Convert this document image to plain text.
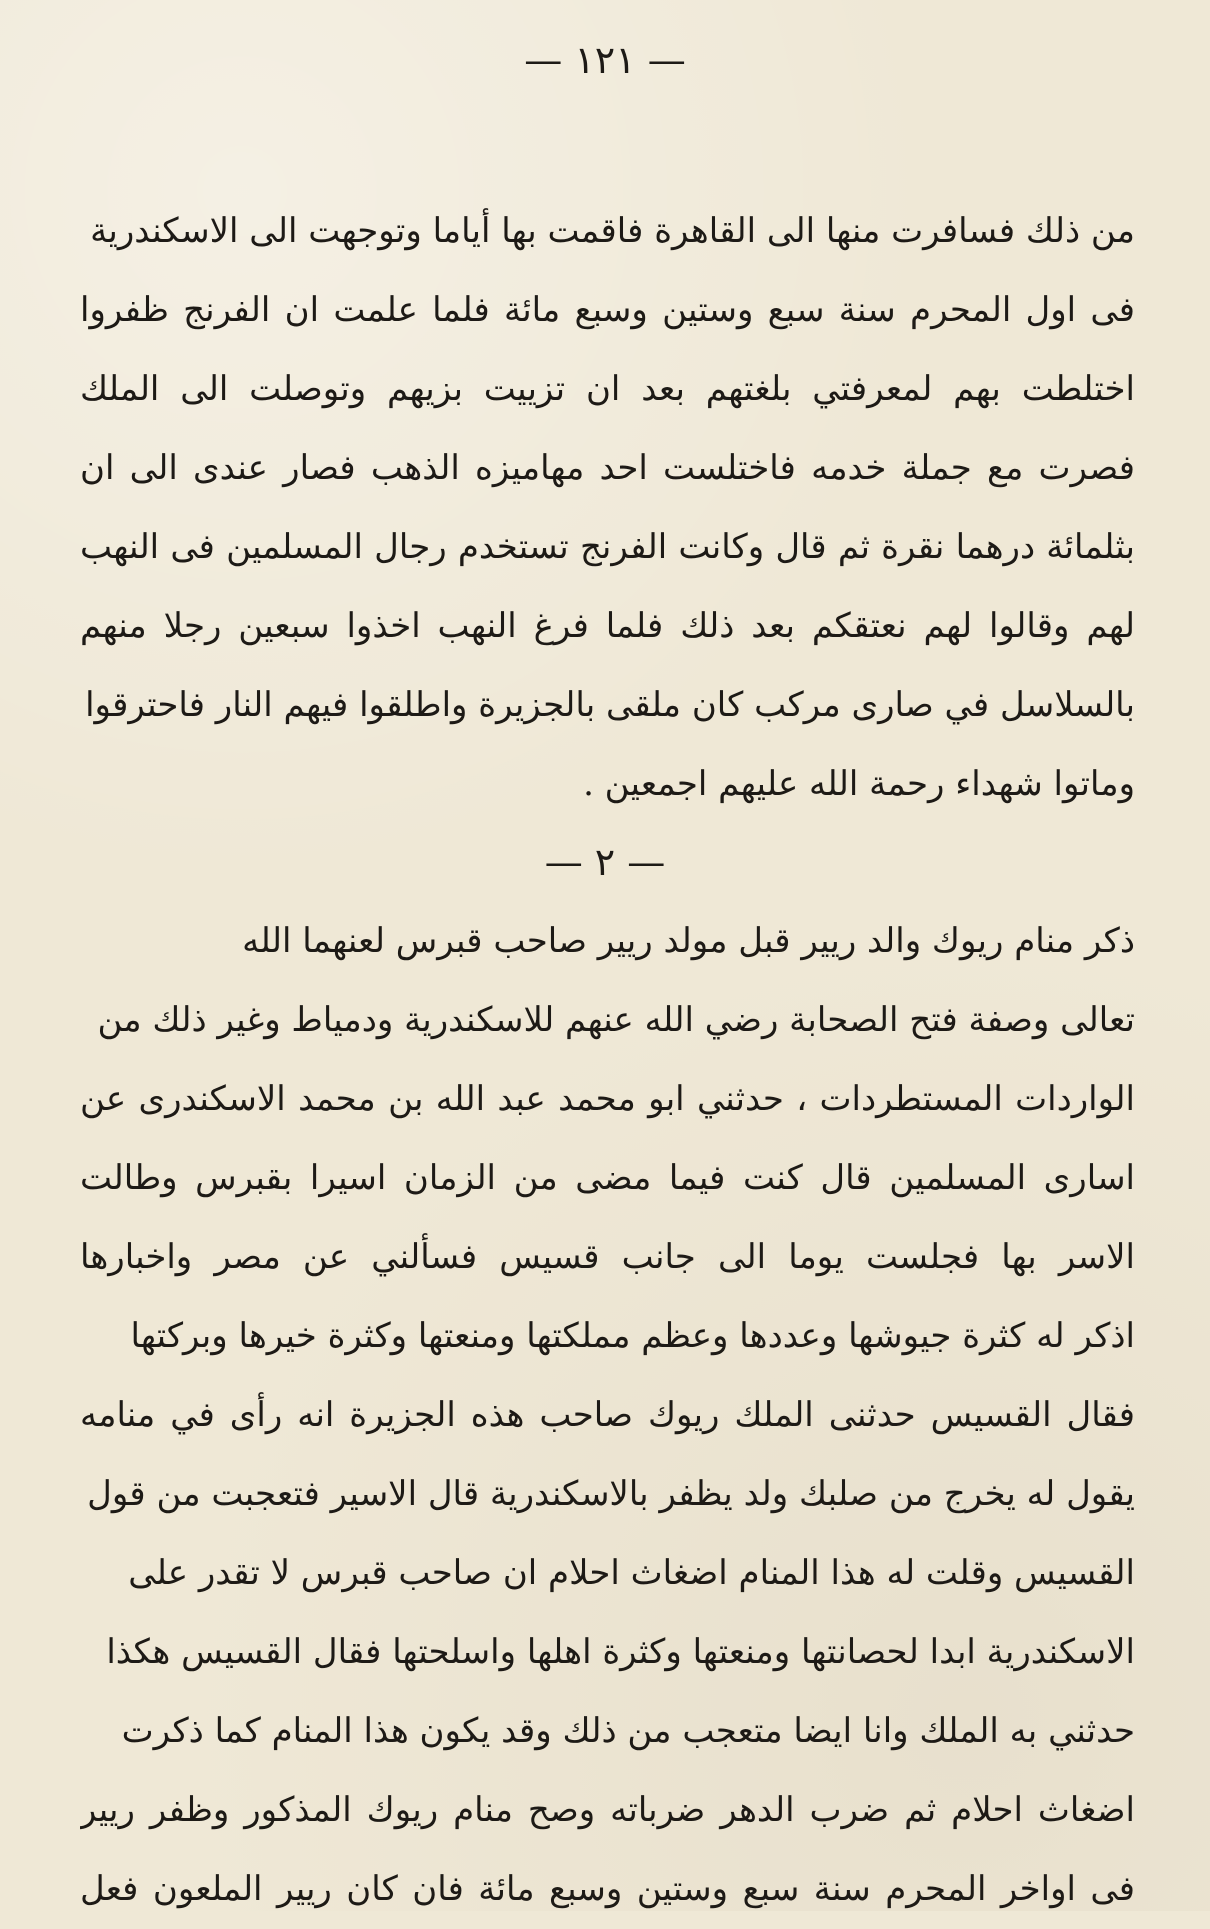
— ١٢١ —
من ذلك فسافرت منها الى القاهرة فاقمت بها أياما وتوجهت الى الاسكندرية
فى اول المحرم سنة سبع وستين وسبع مائة فلما علمت ان الفرنج ظفروا
اختلطت بهم لمعرفتي بلغتهم بعد ان تزييت بزيهم وتوصلت الى الملك
فصرت مع جملة خدمه فاختلست احد مهاميزه الذهب فصار عندى الى ان
بثلمائة درهما نقرة ثم قال وكانت الفرنج تستخدم رجال المسلمين فى النهب
لهم وقالوا لهم نعتقكم بعد ذلك فلما فرغ النهب اخذوا سبعين رجلا منهم
بالسلاسل في صارى مركب كان ملقى بالجزيرة واطلقوا فيهم النار فاحترقوا
وماتوا شهداء رحمة الله عليهم اجمعين .
— ٢ —
ذكر منام ريوك والد ريير قبل مولد ريير صاحب قبرس لعنهما الله
تعالى وصفة فتح الصحابة رضي الله عنهم للاسكندرية ودمياط وغير ذلك من
الواردات المستطردات ، حدثني ابو محمد عبد الله بن محمد الاسكندرى عن
اسارى المسلمين قال كنت فيما مضى من الزمان اسيرا بقبرس وطالت
الاسر بها فجلست يوما الى جانب قسيس فسألني عن مصر واخبارها
اذكر له كثرة جيوشها وعددها وعظم مملكتها ومنعتها وكثرة خيرها وبركتها
فقال القسيس حدثنى الملك ريوك صاحب هذه الجزيرة انه رأى في منامه
يقول له يخرج من صلبك ولد يظفر بالاسكندرية قال الاسير فتعجبت من قول
القسيس وقلت له هذا المنام اضغاث احلام ان صاحب قبرس لا تقدر على
الاسكندرية ابدا لحصانتها ومنعتها وكثرة اهلها واسلحتها فقال القسيس هكذا
حدثني به الملك وانا ايضا متعجب من ذلك وقد يكون هذا المنام كما ذكرت
اضغاث احلام ثم ضرب الدهر ضرباته وصح منام ريوك المذكور وظفر ريير
فى اواخر المحرم سنة سبع وستين وسبع مائة فان كان ريير الملعون فعل
